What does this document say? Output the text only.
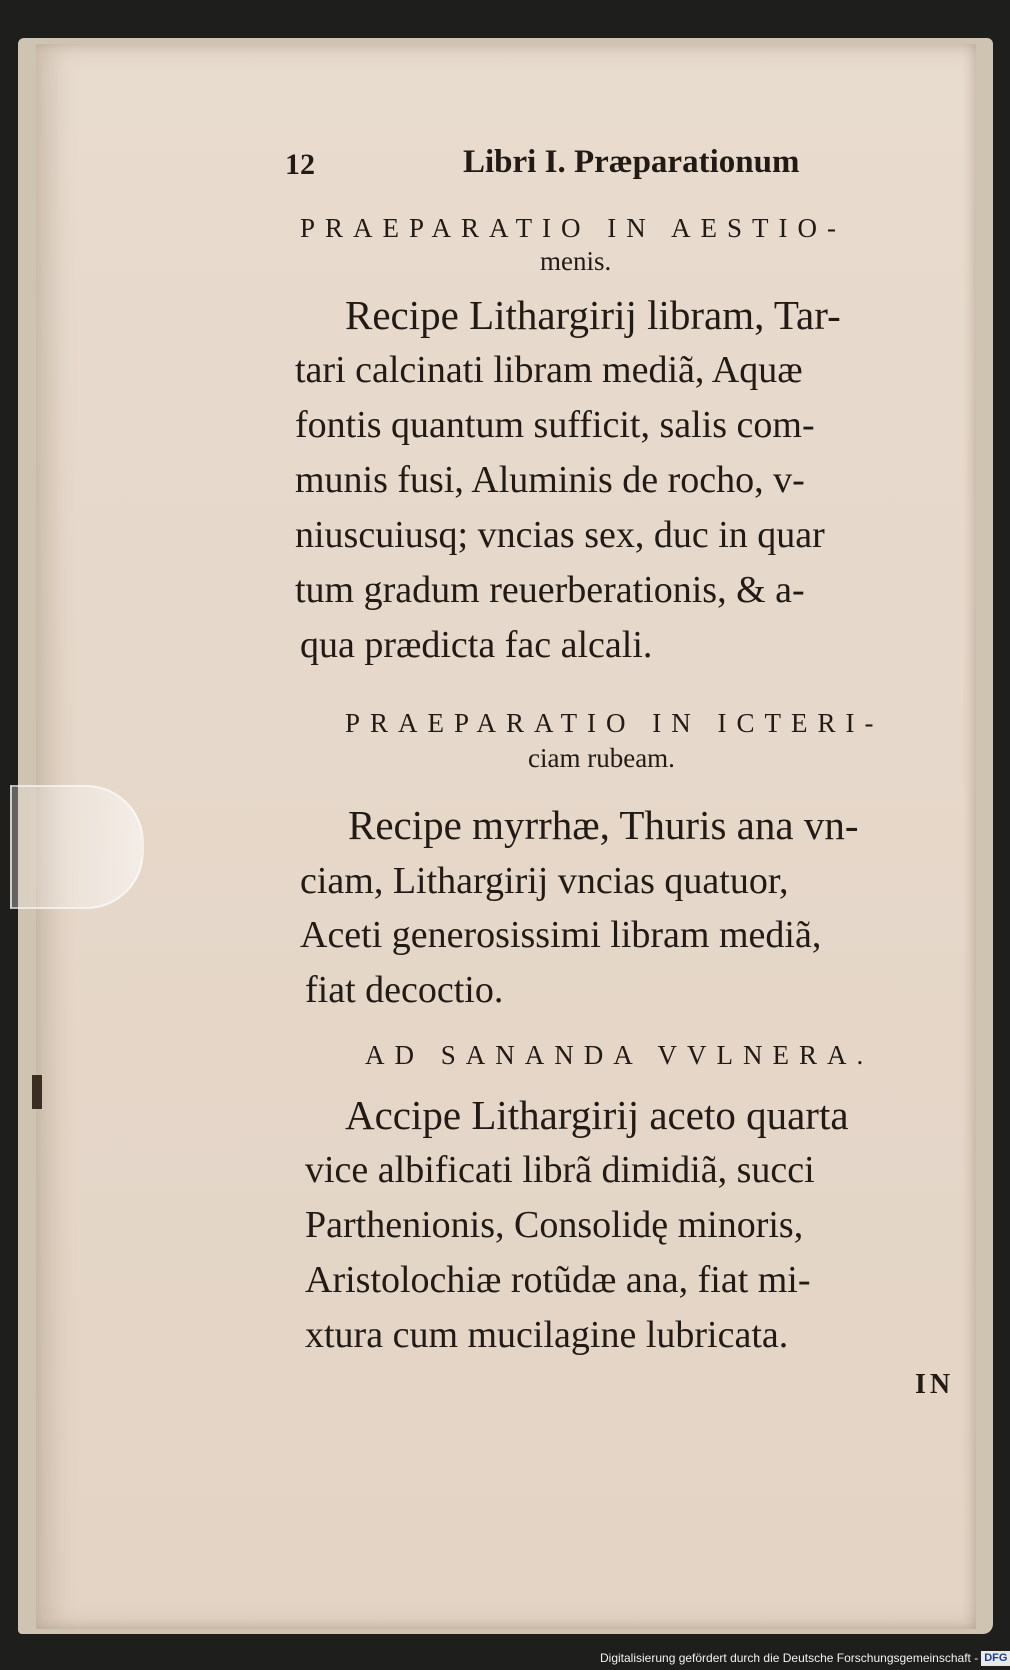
12	Libri I. Præparationum
PRAEPARATIO IN AESTIO-
menis.
Recipe Lithargirij libram, Tar-
tari calcinati libram mediã, Aquæ
fontis quantum sufficit, salis com-
munis fusi, Aluminis de rocho, v-
niuscuiusq; vncias sex, duc in quar
tum gradum reuerberationis, & a-
qua prædicta fac alcali.
PRAEPARATIO IN ICTERI-
ciam rubeam.
Recipe myrrhæ, Thuris ana vn-
ciam, Lithargirij vncias quatuor,
Aceti generosissimi libram mediã,
fiat decoctio.
AD SANANDA VVLNERA.
Accipe Lithargirij aceto quarta
vice albificati librã dimidiã, succi
Parthenionis, Consolidę minoris,
Aristolochiæ rotũdæ ana, fiat mi-
xtura cum mucilagine lubricata.
IN
Digitalisierung gefördert durch die Deutsche Forschungsgemeinschaft - DFG
